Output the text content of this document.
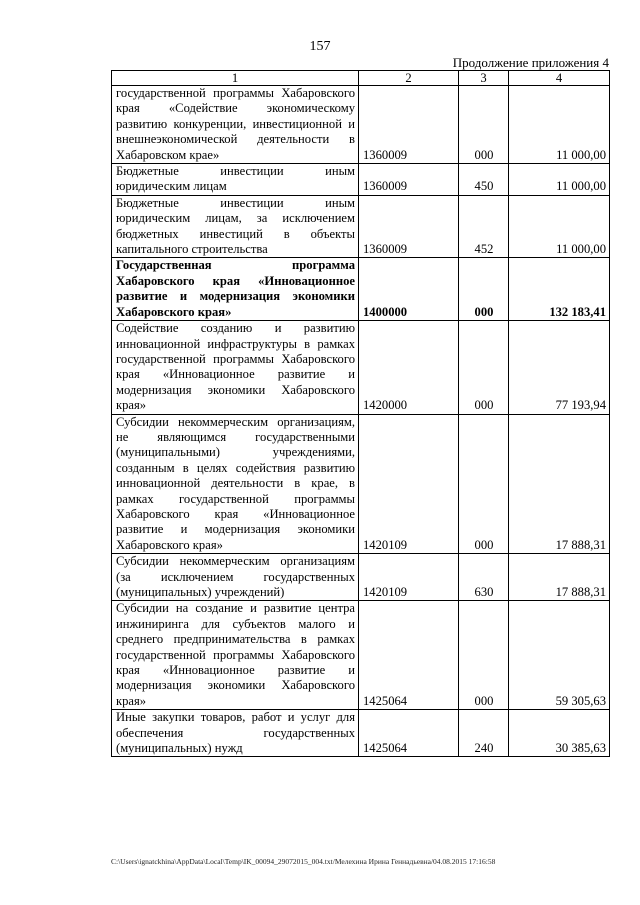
157
Продолжение приложения 4
1	2	3	4
государственной программы Хабаровского края «Содействие экономическому развитию конкуренции, инвестиционной и внешнеэкономической деятельности в Хабаровском крае»	1360009	000	11 000,00
Бюджетные инвестиции иным юридическим лицам	1360009	450	11 000,00
Бюджетные инвестиции иным юридическим лицам, за исключением бюджетных инвестиций в объекты капитального строительства	1360009	452	11 000,00
Государственная программа Хабаровского края «Инновационное развитие и модернизация экономики Хабаровского края»	1400000	000	132 183,41
Содействие созданию и развитию инновационной инфраструктуры в рамках государственной программы Хабаровского края «Инновационное развитие и модернизация экономики Хабаровского края»	1420000	000	77 193,94
Субсидии некоммерческим организациям, не являющимся государственными (муниципальными) учреждениями, созданным в целях содействия развитию инновационной деятельности в крае, в рамках государственной программы Хабаровского края «Инновационное развитие и модернизация экономики Хабаровского края»	1420109	000	17 888,31
Субсидии некоммерческим организациям (за исключением государственных (муниципальных) учреждений)	1420109	630	17 888,31
Субсидии на создание и развитие центра инжиниринга для субъектов малого и среднего предпринимательства в рамках государственной программы Хабаровского края «Инновационное развитие и модернизация экономики Хабаровского края»	1425064	000	59 305,63
Иные закупки товаров, работ и услуг для обеспечения государственных (муниципальных) нужд	1425064	240	30 385,63
C:\Users\ignatckhina\AppData\Local\Temp\IK_00094_29072015_004.txt/Мелехина Ирина Геннадьевна/04.08.2015 17:16:58
